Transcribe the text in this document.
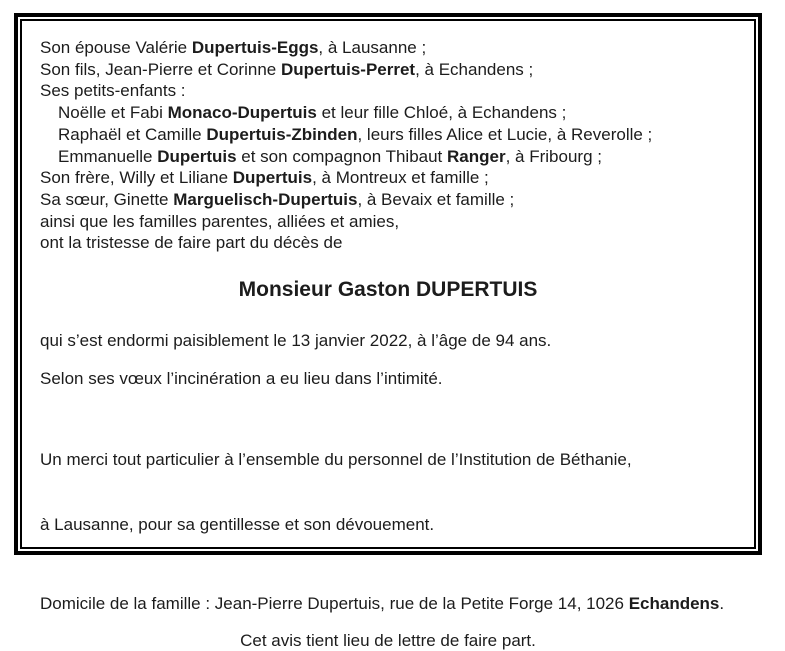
Son épouse Valérie Dupertuis-Eggs, à Lausanne ;
Son fils, Jean-Pierre et Corinne Dupertuis-Perret, à Echandens ;
Ses petits-enfants :
Noëlle et Fabi Monaco-Dupertuis et leur fille Chloé, à Echandens ;
Raphaël et Camille Dupertuis-Zbinden, leurs filles Alice et Lucie, à Reverolle ;
Emmanuelle Dupertuis et son compagnon Thibaut Ranger, à Fribourg ;
Son frère, Willy et Liliane Dupertuis, à Montreux et famille ;
Sa sœur, Ginette Marguelisch-Dupertuis, à Bevaix et famille ;
ainsi que les familles parentes, alliées et amies,
ont la tristesse de faire part du décès de
Monsieur Gaston DUPERTUIS
qui s’est endormi paisiblement le 13 janvier 2022, à l’âge de 94 ans.
Selon ses vœux l’incinération a eu lieu dans l’intimité.

Un merci tout particulier à l’ensemble du personnel de l’Institution de Béthanie,

à Lausanne, pour sa gentillesse et son dévouement.

Domicile de la famille : Jean-Pierre Dupertuis, rue de la Petite Forge 14, 1026 Echandens.
Cet avis tient lieu de lettre de faire part.
